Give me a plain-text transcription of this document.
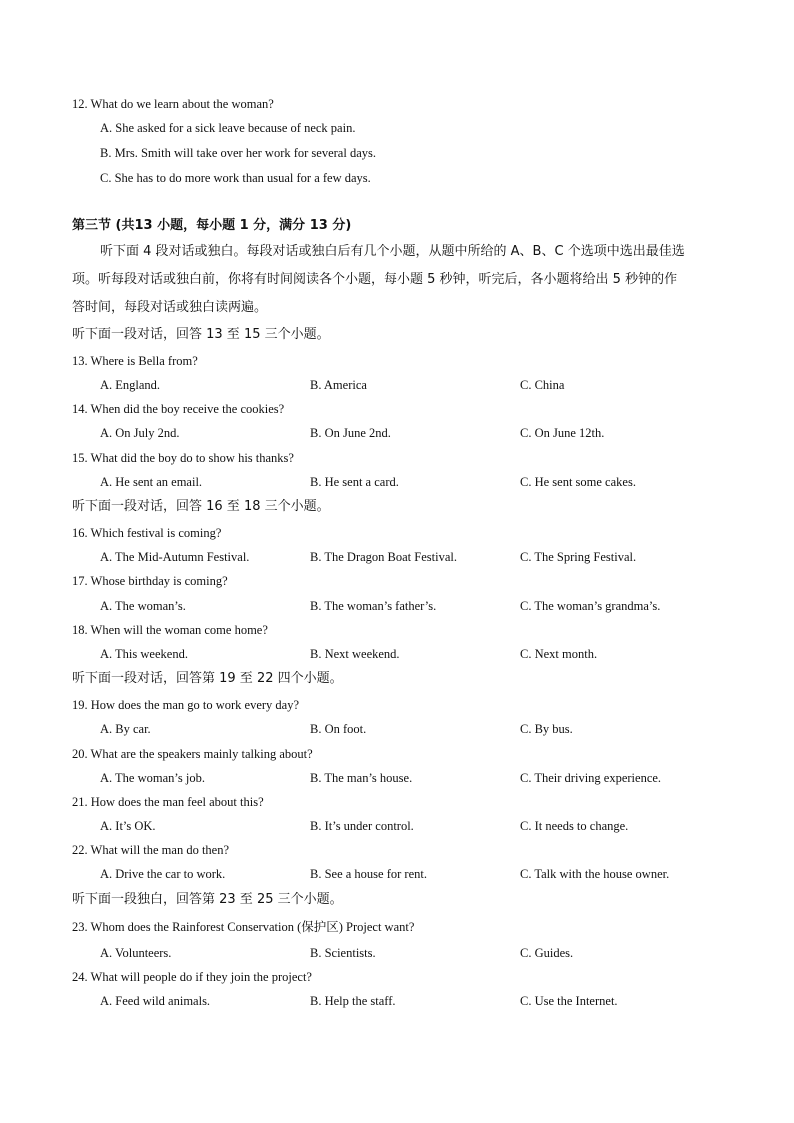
12. What do we learn about the woman?
A. She asked for a sick leave because of neck pain.
B. Mrs. Smith will take over her work for several days.
C. She has to do more work than usual for a few days.
第三节 (共13 小题，每小题 1 分，满分 13 分)
听下面 4 段对话或独白。每段对话或独白后有几个小题，从题中所给的 A、B、C 个选项中选出最佳选
项。听每段对话或独白前，你将有时间阅读各个小题，每小题 5 秒钟，听完后，各小题将给出 5 秒钟的作
答时间，每段对话或独白读两遍。
听下面一段对话，回答 13 至 15 三个小题。
13. Where is Bella from?
A. England.	B. America	C. China
14. When did the boy receive the cookies?
A. On July 2nd.	B. On June 2nd.	C. On June 12th.
15. What did the boy do to show his thanks?
A. He sent an email.	B. He sent a card.	C. He sent some cakes.
听下面一段对话，回答 16 至 18 三个小题。
16. Which festival is coming?
A. The Mid-Autumn Festival.	B. The Dragon Boat Festival.	C. The Spring Festival.
17. Whose birthday is coming?
A. The woman’s.	B. The woman’s father’s.	C. The woman’s grandma’s.
18. When will the woman come home?
A. This weekend.	B. Next weekend.	C. Next month.
听下面一段对话，回答第 19 至 22 四个小题。
19. How does the man go to work every day?
A. By car.	B. On foot.	C. By bus.
20. What are the speakers mainly talking about?
A. The woman’s job.	B. The man’s house.	C. Their driving experience.
21. How does the man feel about this?
A. It’s OK.	B. It’s under control.	C. It needs to change.
22. What will the man do then?
A. Drive the car to work.	B. See a house for rent.	C. Talk with the house owner.
听下面一段独白，回答第 23 至 25 三个小题。
23. Whom does the Rainforest Conservation (保护区) Project want?
A. Volunteers.	B. Scientists.	C. Guides.
24. What will people do if they join the project?
A. Feed wild animals.	B. Help the staff.	C. Use the Internet.
